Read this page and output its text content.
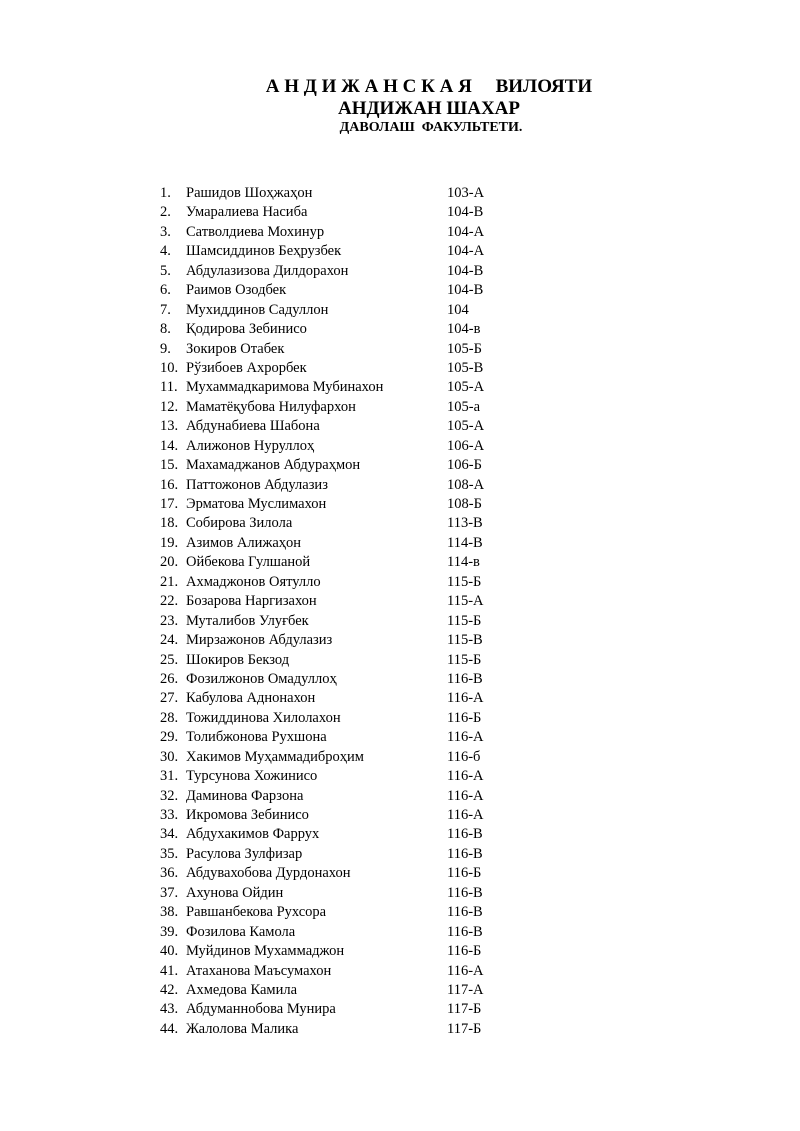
А Н Д И Ж А Н С К А Я     ВИЛОЯТИ
АНДИЖАН ШАХАР
ДАВОЛАШ  ФАКУЛЬТЕТИ.
1.	Рашидов Шоҳжаҳон	103-А
2.	Умаралиева Насиба	104-В
3.	Сатволдиева Мохинур	104-А
4.	Шамсиддинов Беҳрузбек	104-А
5.	Абдулазизова Дилдорахон	104-В
6.	Раимов Озодбек	104-В
7.	Мухиддинов Садуллон	104
8.	Қодирова Зебинисо	104-в
9.	Зокиров Отабек	105-Б
10. Рўзибоев Ахрорбек	105-В
11. Мухаммадкаримова Мубинахон	105-А
12. Маматёқубова Нилуфархон	105-а
13. Абдунабиева Шабона	105-А
14. Алижонов Нуруллоҳ	106-А
15. Махамаджанов Абдураҳмон	106-Б
16. Паттожонов Абдулазиз	108-А
17. Эрматова Муслимахон	108-Б
18. Собирова Зилола	113-В
19. Азимов Алижаҳон	114-В
20. Ойбекова Гулшаной	114-в
21. Ахмаджонов Оятулло	115-Б
22. Бозарова Наргизахон	115-А
23. Муталибов Улуғбек	115-Б
24. Мирзажонов Абдулазиз	115-В
25. Шокиров Бекзод	115-Б
26. Фозилжонов Омадуллоҳ	116-В
27. Кабулова Аднонахон	116-А
28. Тожиддинова Хилолахон	116-Б
29. Толибжонова Рухшона	116-А
30. Хакимов Муҳаммадиброҳим	116-б
31. Турсунова Хожинисо	116-А
32. Даминова Фарзона	116-А
33. Икромова Зебинисо	116-А
34. Абдухакимов Фаррух	116-В
35. Расулова Зулфизар	116-В
36. Абдувахобова Дурдонахон	116-Б
37. Ахунова Ойдин	116-В
38. Равшанбекова Рухсора	116-В
39. Фозилова Камола	116-В
40. Муйдинов Мухаммаджон	116-Б
41. Атаханова Маъсумахон	116-А
42. Ахмедова Камила	117-А
43. Абдуманнобова Мунира	117-Б
44. Жалолова Малика	117-Б
